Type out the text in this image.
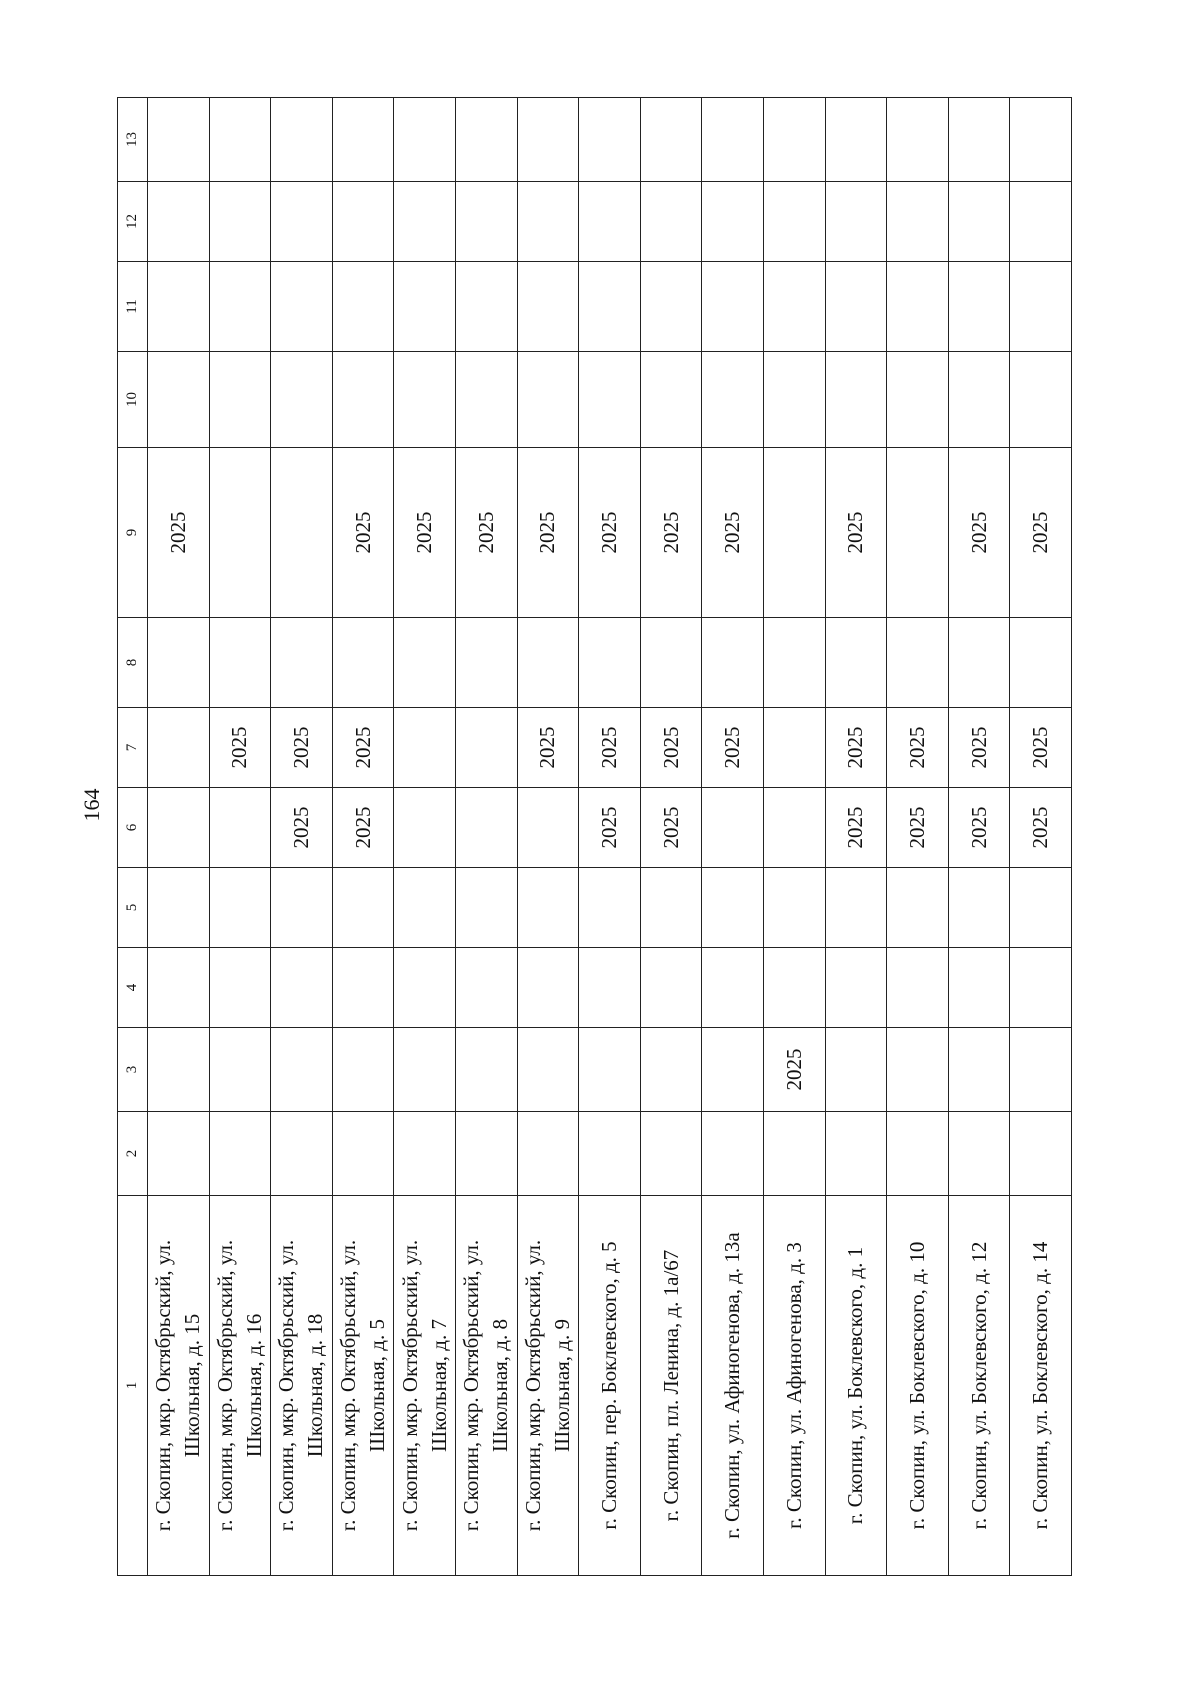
164
1	2	3	4	5	6	7	8	9	10	11	12	13
г. Скопин, мкр. Октябрьский, ул. Школьная, д. 15								2025				
г. Скопин, мкр. Октябрьский, ул. Школьная, д. 16						2025						
г. Скопин, мкр. Октябрьский, ул. Школьная, д. 18					2025	2025						
г. Скопин, мкр. Октябрьский, ул. Школьная, д. 5					2025	2025		2025				
г. Скопин, мкр. Октябрьский, ул. Школьная, д. 7								2025				
г. Скопин, мкр. Октябрьский, ул. Школьная, д. 8								2025				
г. Скопин, мкр. Октябрьский, ул. Школьная, д. 9						2025		2025				
г. Скопин, пер. Боклевского, д. 5					2025	2025		2025				
г. Скопин, пл. Ленина, д. 1а/67					2025	2025		2025				
г. Скопин, ул. Афиногенова, д. 13а						2025		2025				
г. Скопин, ул. Афиногенова, д. 3		2025										
г. Скопин, ул. Боклевского, д. 1					2025	2025		2025				
г. Скопин, ул. Боклевского, д. 10					2025	2025						
г. Скопин, ул. Боклевского, д. 12					2025	2025		2025				
г. Скопин, ул. Боклевского, д. 14					2025	2025		2025				
